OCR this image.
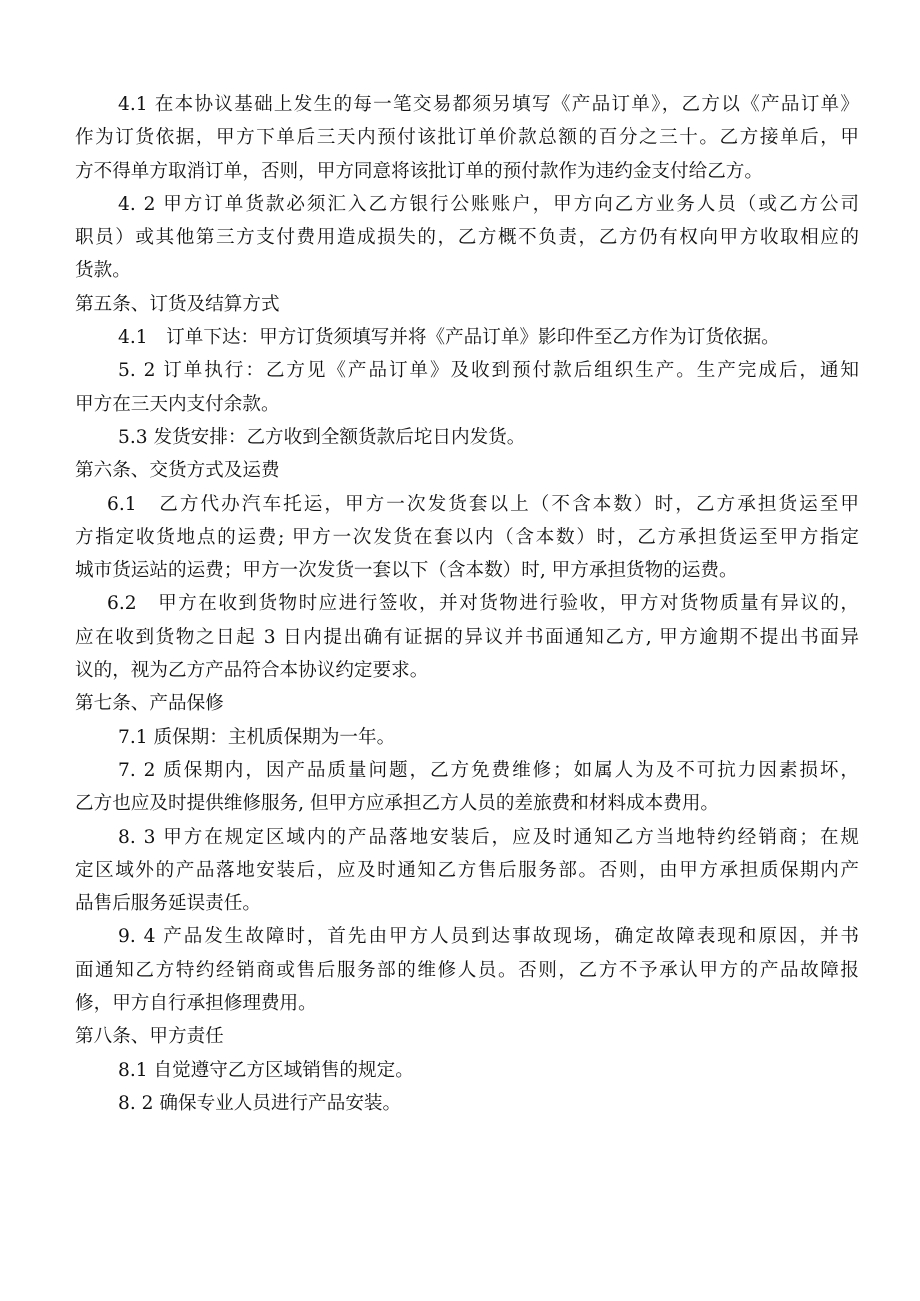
4.1 在本协议基础上发生的每一笔交易都须另填写《产品订单》，乙方以《产品订单》
作为订货依据，甲方下单后三天内预付该批订单价款总额的百分之三十。乙方接单后，甲
方不得单方取消订单，否则，甲方同意将该批订单的预付款作为违约金支付给乙方。
4. 2 甲方订单货款必须汇入乙方银行公账账户，甲方向乙方业务人员（或乙方公司
职员）或其他第三方支付费用造成损失的，乙方概不负责，乙方仍有权向甲方收取相应的
货款。
第五条、订货及结算方式
4.1　订单下达：甲方订货须填写并将《产品订单》影印件至乙方作为订货依据。
5. 2 订单执行：乙方见《产品订单》及收到预付款后组织生产。生产完成后，通知
甲方在三天内支付余款。
5.3 发货安排：乙方收到全额货款后坨日内发货。
第六条、交货方式及运费
6.1　乙方代办汽车托运，甲方一次发货套以上（不含本数）时，乙方承担货运至甲
方指定收货地点的运费; 甲方一次发货在套以内（含本数）时，乙方承担货运至甲方指定
城市货运站的运费；甲方一次发货一套以下（含本数）时, 甲方承担货物的运费。
6.2　甲方在收到货物时应进行签收，并对货物进行验收，甲方对货物质量有异议的，
应在收到货物之日起 3 日内提出确有证据的异议并书面通知乙方, 甲方逾期不提出书面异
议的，视为乙方产品符合本协议约定要求。
第七条、产品保修
7.1 质保期：主机质保期为一年。
7. 2 质保期内，因产品质量问题，乙方免费维修；如属人为及不可抗力因素损坏，
乙方也应及时提供维修服务, 但甲方应承担乙方人员的差旅费和材料成本费用。
8. 3 甲方在规定区域内的产品落地安装后，应及时通知乙方当地特约经销商；在规
定区域外的产品落地安装后，应及时通知乙方售后服务部。否则，由甲方承担质保期内产
品售后服务延误责任。
9. 4 产品发生故障时，首先由甲方人员到达事故现场，确定故障表现和原因，并书
面通知乙方特约经销商或售后服务部的维修人员。否则，乙方不予承认甲方的产品故障报
修，甲方自行承担修理费用。
第八条、甲方责任
8.1 自觉遵守乙方区域销售的规定。
8. 2 确保专业人员进行产品安装。
